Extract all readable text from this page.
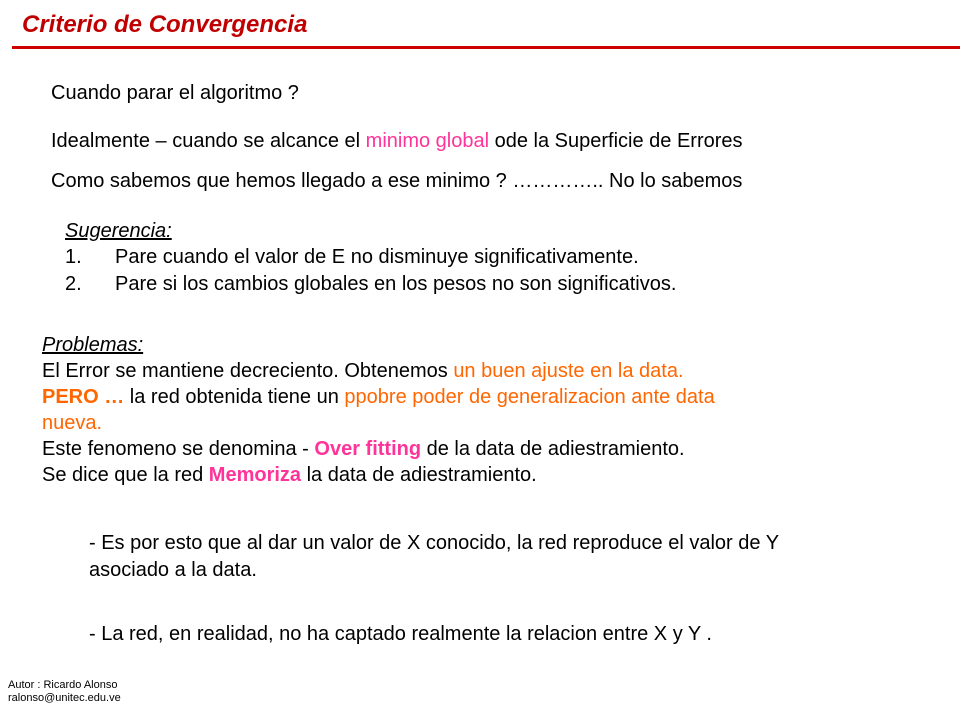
Criterio de Convergencia
Cuando parar el algoritmo ?
Idealmente – cuando se alcance el minimo global ode la Superficie de Errores
Como sabemos que hemos llegado a ese minimo ? ………….. No lo sabemos
Sugerencia:
1. Pare cuando el valor de E no disminuye significativamente.
2. Pare si los cambios globales en los pesos no son significativos.
Problemas:
El Error se mantiene decreciento. Obtenemos un buen ajuste en la data.
PERO … la red obtenida tiene un ppobre poder de generalizacion ante data
nueva.
Este fenomeno se denomina - Over fitting de la data de adiestramiento.
Se dice que la red Memoriza la data de adiestramiento.
- Es por esto que al dar un valor de X conocido, la red reproduce el valor de Y
asociado a la data.
- La red, en realidad, no ha captado realmente la relacion entre X y Y .
Autor : Ricardo Alonso
ralonso@unitec.edu.ve
